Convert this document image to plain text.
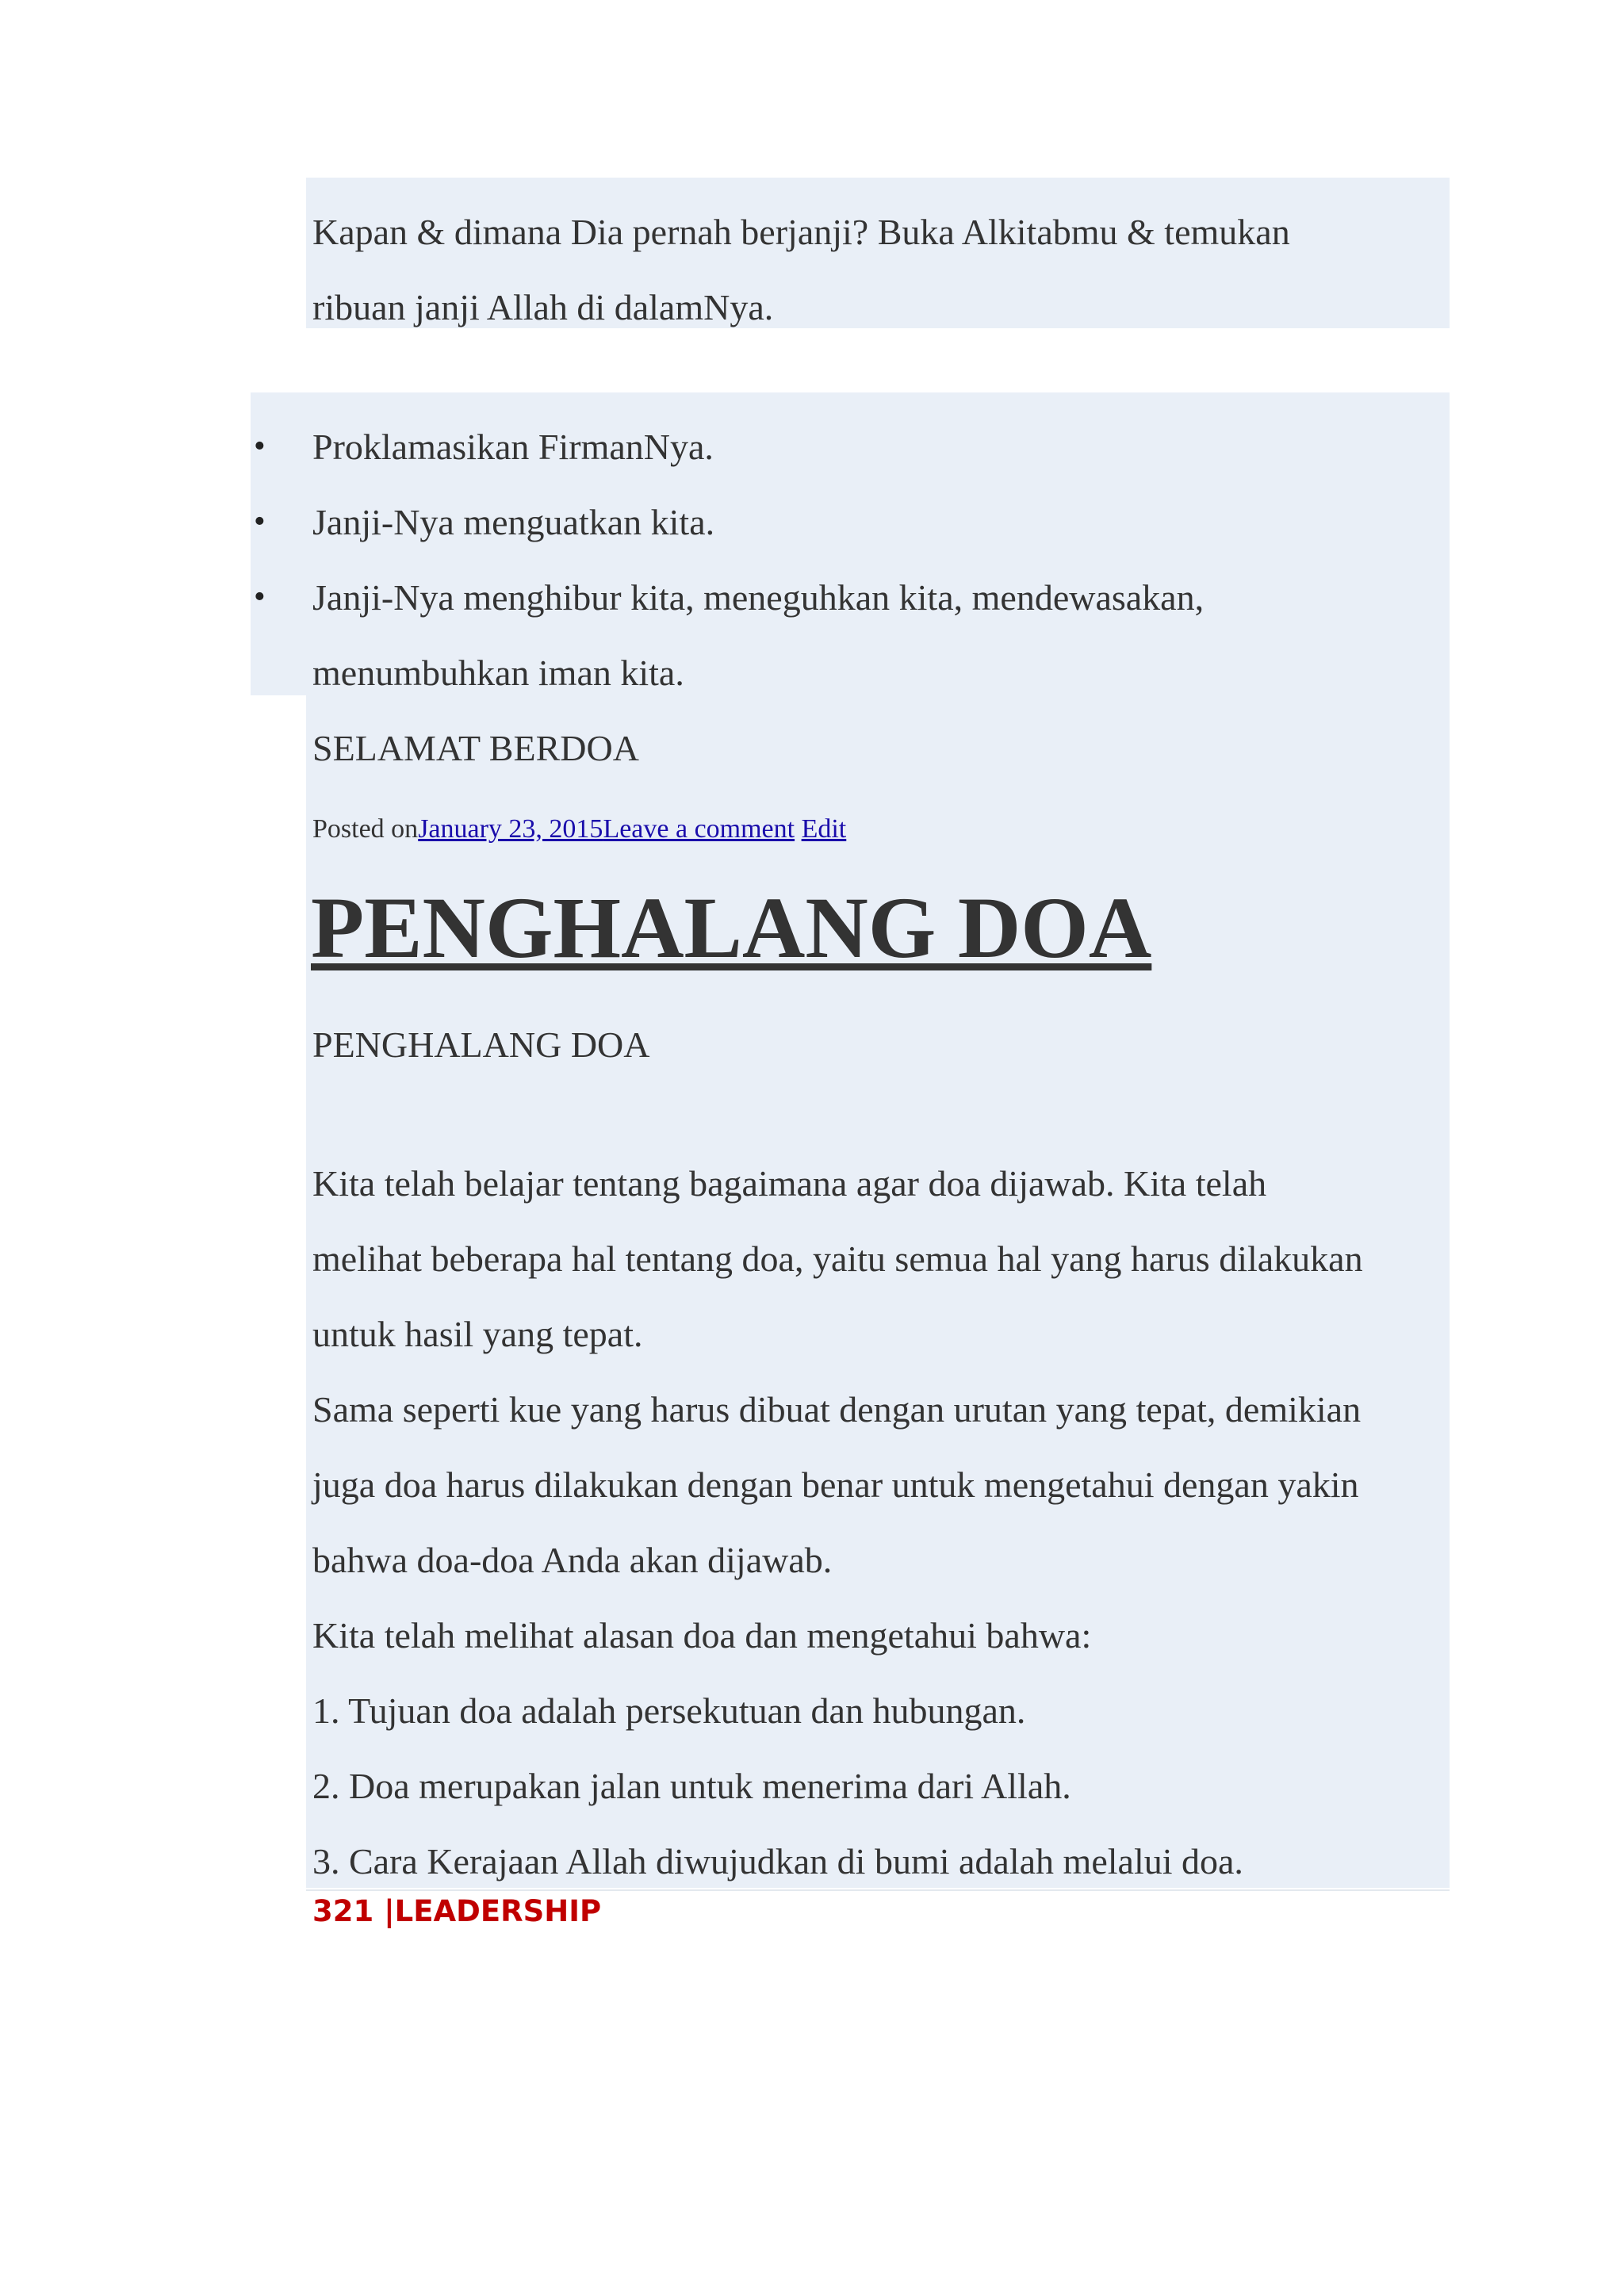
Kapan & dimana Dia pernah berjanji? Buka Alkitabmu & temukan
ribuan janji Allah di dalamNya.
• Proklamasikan FirmanNya.
• Janji-Nya menguatkan kita.
• Janji-Nya menghibur kita, meneguhkan kita, mendewasakan,
menumbuhkan iman kita.
SELAMAT BERDOA
Posted onJanuary 23, 2015Leave a comment Edit
PENGHALANG DOA
PENGHALANG DOA
Kita telah belajar tentang bagaimana agar doa dijawab. Kita telah
melihat beberapa hal tentang doa, yaitu semua hal yang harus dilakukan
untuk hasil yang tepat.
Sama seperti kue yang harus dibuat dengan urutan yang tepat, demikian
juga doa harus dilakukan dengan benar untuk mengetahui dengan yakin
bahwa doa-doa Anda akan dijawab.
Kita telah melihat alasan doa dan mengetahui bahwa:
1. Tujuan doa adalah persekutuan dan hubungan.
2. Doa merupakan jalan untuk menerima dari Allah.
3. Cara Kerajaan Allah diwujudkan di bumi adalah melalui doa.
321 |LEADERSHIP
